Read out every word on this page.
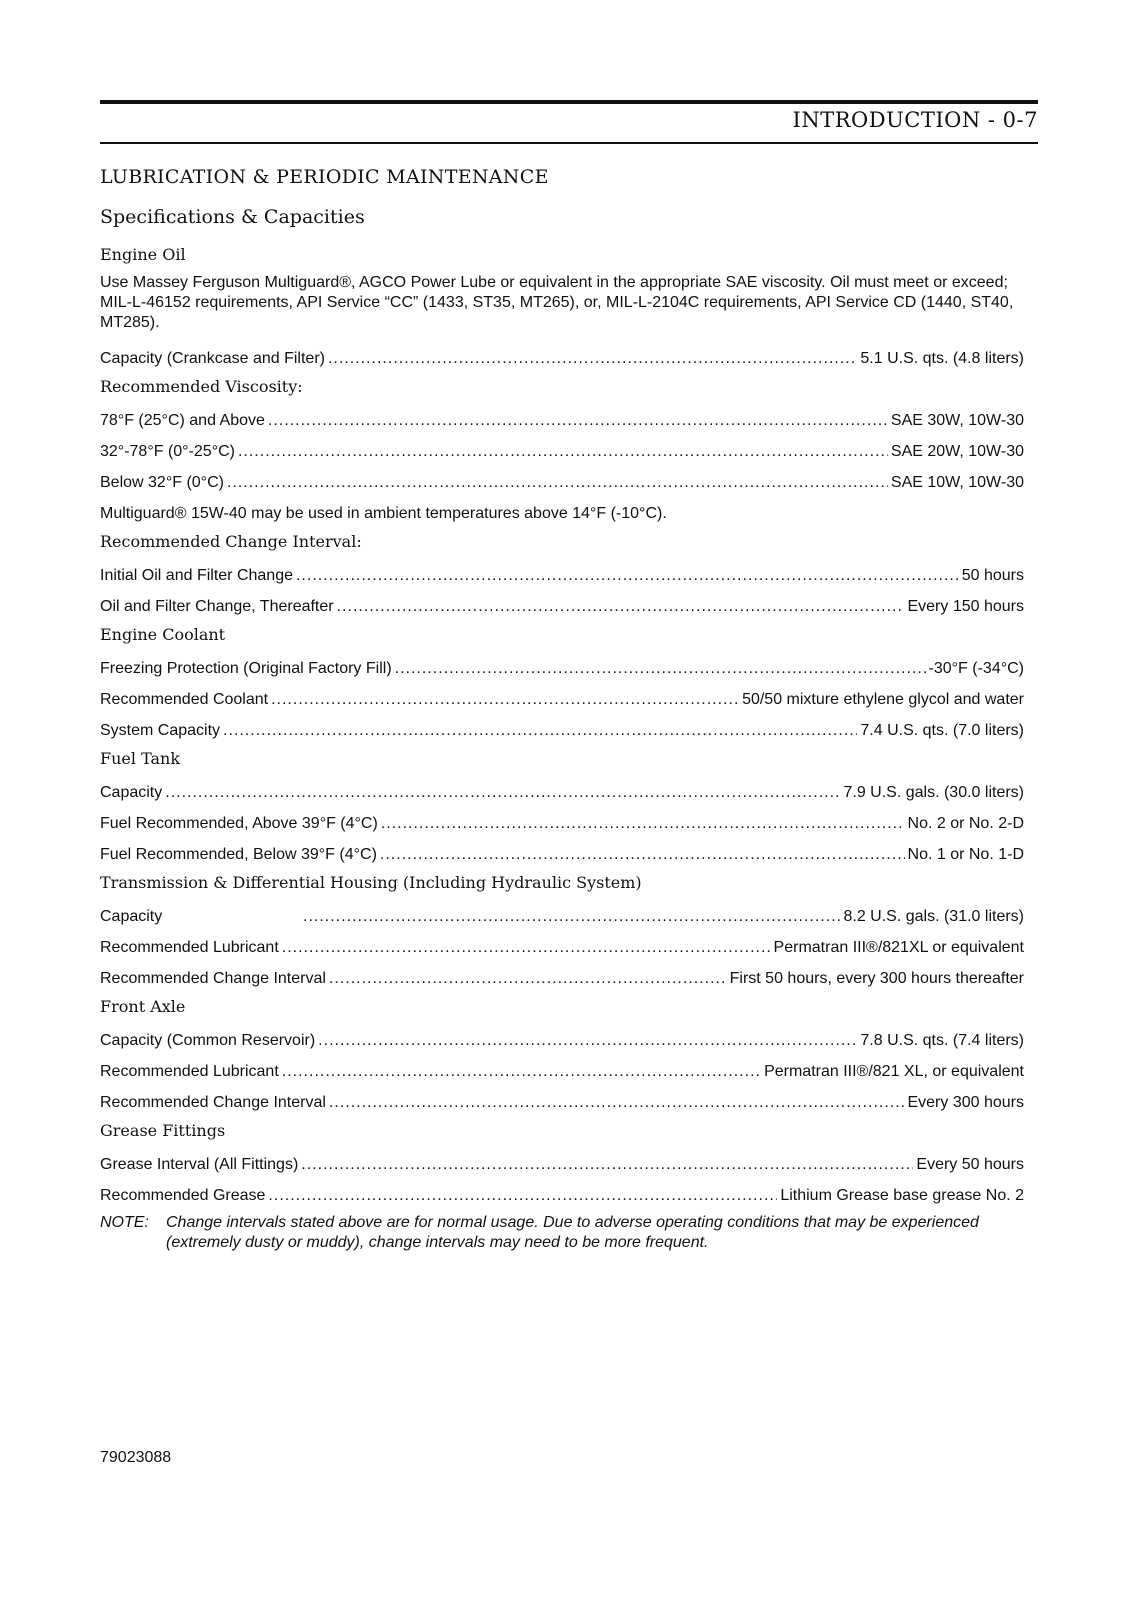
INTRODUCTION - 0-7
LUBRICATION & PERIODIC MAINTENANCE
Specifications & Capacities
Engine Oil

Use Massey Ferguson Multiguard®, AGCO Power Lube or equivalent in the appropriate SAE viscosity. Oil must meet or exceed; MIL-L-46152 requirements, API Service “CC” (1433, ST35, MT265), or, MIL-L-2104C requirements, API Service CD (1440, ST40, MT285).

Capacity (Crankcase and Filter) .....	5.1 U.S. qts. (4.8 liters)
Recommended Viscosity:
78°F (25°C) and Above .....	SAE 30W, 10W-30
32°-78°F (0°-25°C) .....	SAE 20W, 10W-30
Below 32°F (0°C) .....	SAE 10W, 10W-30
Multiguard® 15W-40 may be used in ambient temperatures above 14°F (-10°C).
Recommended Change Interval:
Initial Oil and Filter Change .....	50 hours
Oil and Filter Change, Thereafter .....	Every 150 hours
Engine Coolant
Freezing Protection (Original Factory Fill) .....	-30°F (-34°C)
Recommended Coolant .....	50/50 mixture ethylene glycol and water
System Capacity .....	7.4 U.S. qts. (7.0 liters)
Fuel Tank
Capacity .....	7.9 U.S. gals. (30.0 liters)
Fuel Recommended, Above 39°F (4°C) .....	No. 2 or No. 2-D
Fuel Recommended, Below 39°F (4°C) .....	No. 1 or No. 1-D
Transmission & Differential Housing (Including Hydraulic System)
Capacity .....	8.2 U.S. gals. (31.0 liters)
Recommended Lubricant .....	Permatran III®/821XL or equivalent
Recommended Change Interval .....	First 50 hours, every 300 hours thereafter
Front Axle
Capacity (Common Reservoir) .....	7.8 U.S. qts. (7.4 liters)
Recommended Lubricant .....	Permatran III®/821 XL, or equivalent
Recommended Change Interval .....	Every 300 hours
Grease Fittings
Grease Interval (All Fittings) .....	Every 50 hours
Recommended Grease .....	Lithium Grease base grease No. 2
NOTE:	Change intervals stated above are for normal usage. Due to adverse operating conditions that may be experienced (extremely dusty or muddy), change intervals may need to be more frequent.
79023088
